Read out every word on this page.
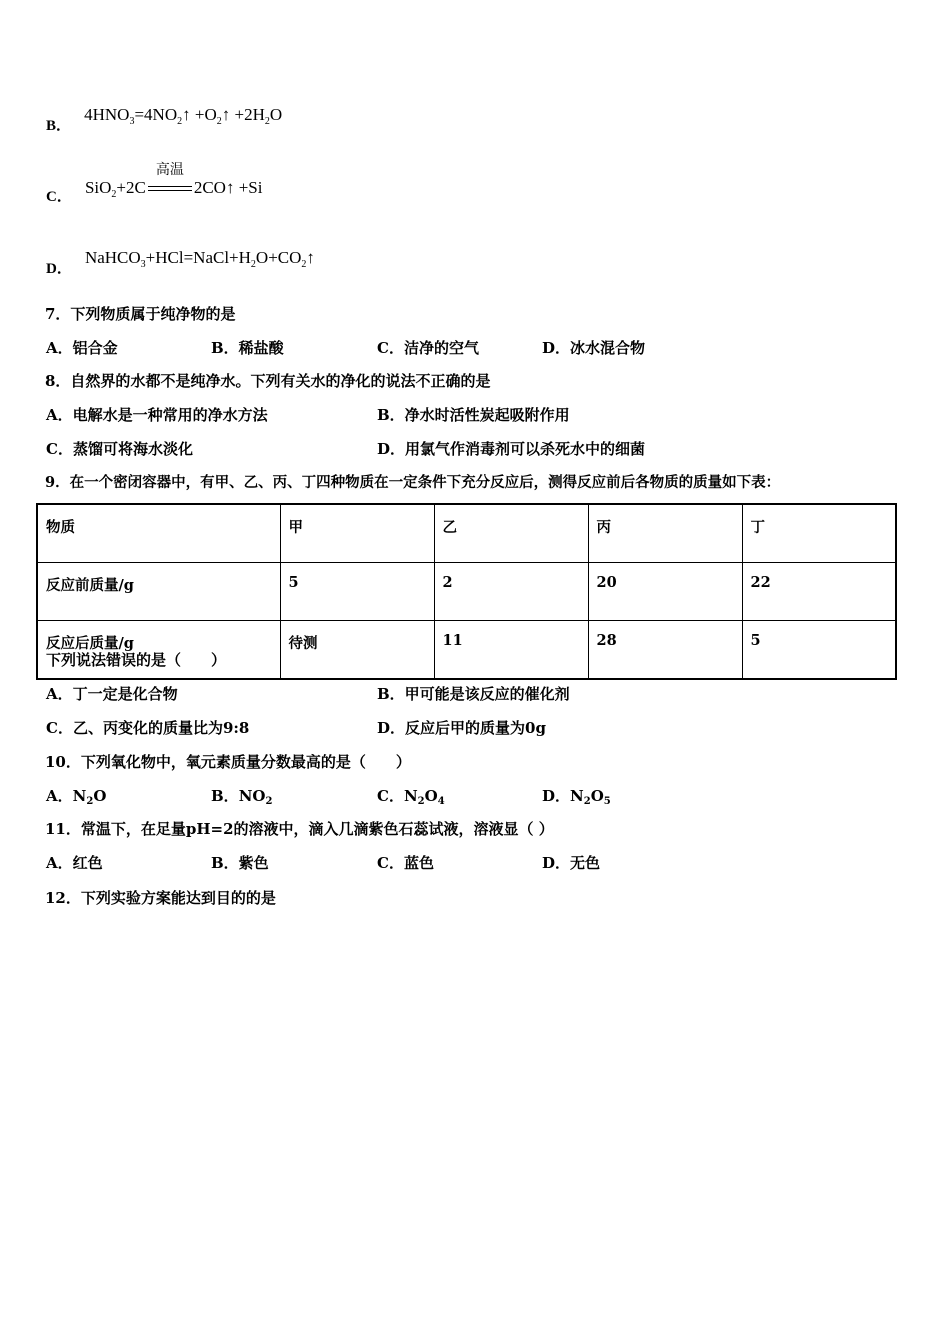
B． $4HNO_3=4NO_2↑$ $+O_2↑ +2H_2O$
C． SiO$_2$+2C
高温
2CO↑ +Si
D． $NaHCO_3+HCl=NaCl+H_2O+CO_2↑$
7．下列物质属于纯净物的是
A．铝合金	B．稀盐酸	C．洁净的空气	D．冰水混合物
8．自然界的水都不是纯净水。下列有关水的净化的说法不正确的是
A．电解水是一种常用的净水方法	B．净水时活性炭起吸附作用
C．蒸馏可将海水淡化	D．用氯气作消毒剂可以杀死水中的细菌
9．在一个密闭容器中，有甲、乙、丙、丁四种物质在一定条件下充分反应后，测得反应前后各物质的质量如下表：
物质	甲	乙	丙	丁
反应前质量/g	5	2	20	22
反应后质量/g	待测	11	28	5
下列说法错误的是（　　）
A．丁一定是化合物	B．甲可能是该反应的催化剂
C．乙、丙变化的质量比为9:8	D．反应后甲的质量为0g
10．下列氧化物中，氧元素质量分数最高的是（　　）
A．$N_2O$	B．$NO_2$	C．$N_2O_4$	D．$N_2O_5$
11．常温下，在足量pH=2的溶液中，滴入几滴紫色石蕊试液，溶液显（ ）
A．红色	B．紫色	C．蓝色	D．无色
12．下列实验方案能达到目的的是
